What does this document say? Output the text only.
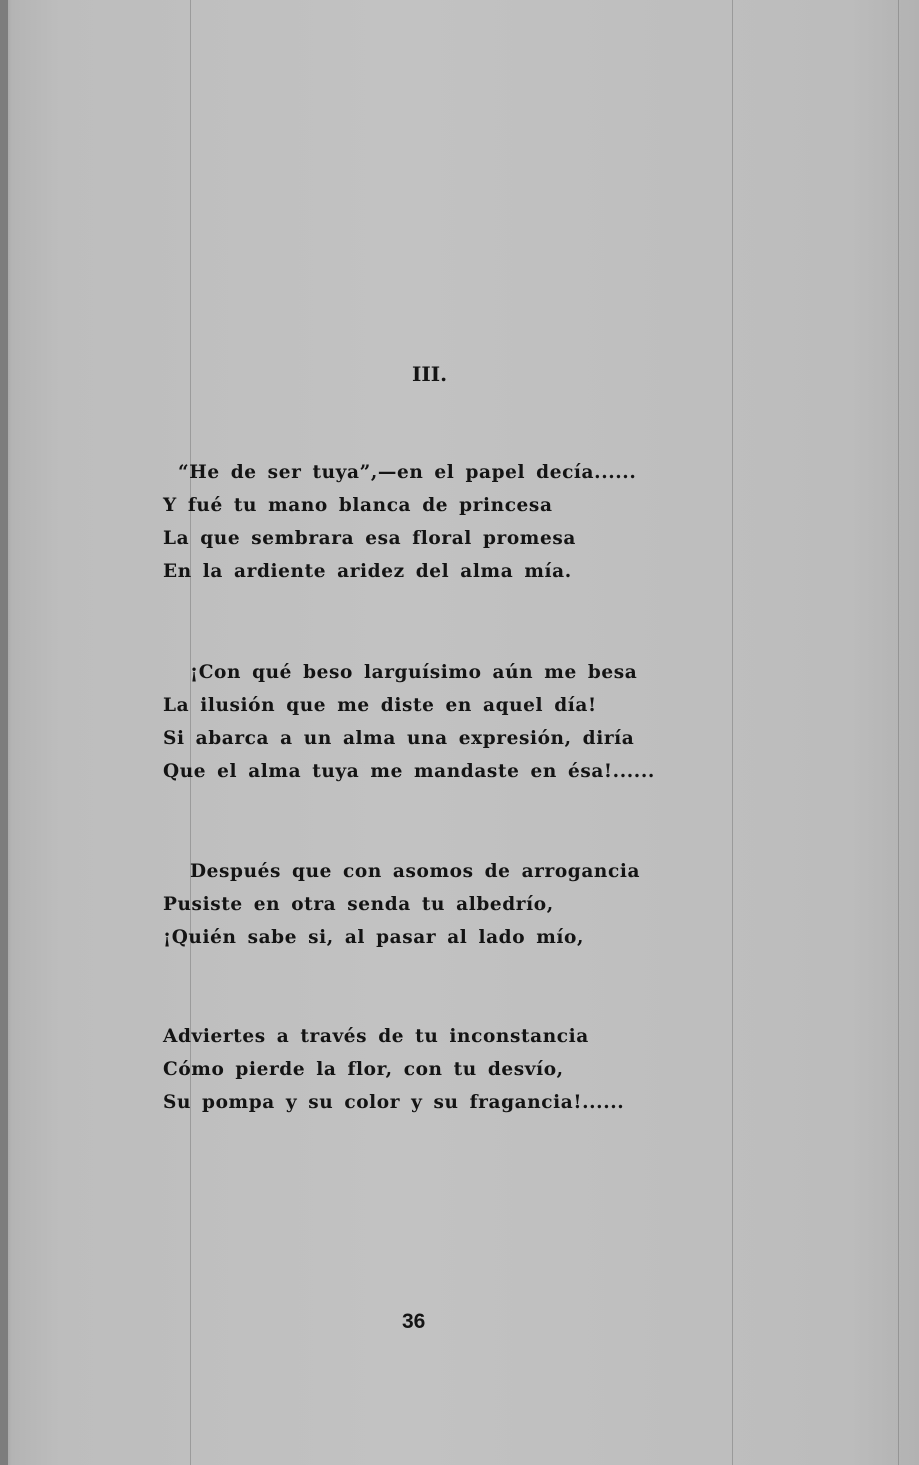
III.
“He de ser tuya”,—en el papel decía......
Y fué tu mano blanca de princesa
La que sembrara esa floral promesa
En la ardiente aridez del alma mía.
¡Con qué beso larguísimo aún me besa
La ilusión que me diste en aquel día!
Si abarca a un alma una expresión, diría
Que el alma tuya me mandaste en ésa!......
Después que con asomos de arrogancia
Pusiste en otra senda tu albedrío,
¡Quién sabe si, al pasar al lado mío,
Adviertes a través de tu inconstancia
Cómo pierde la flor, con tu desvío,
Su pompa y su color y su fragancia!......
36
